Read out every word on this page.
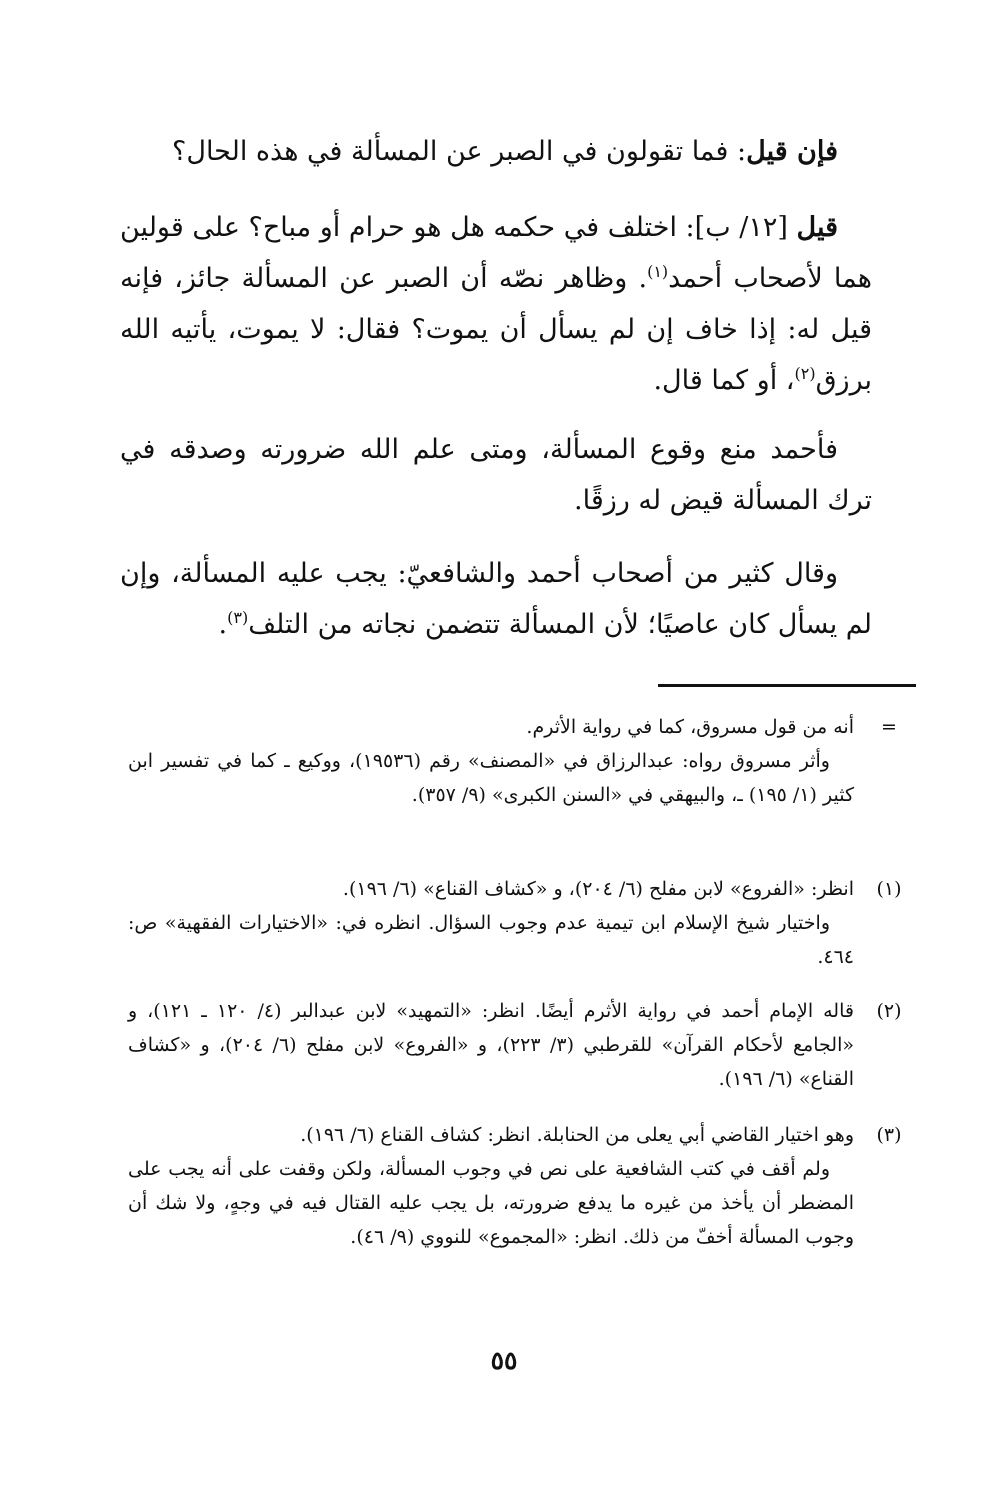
فإن قيل: فما تقولون في الصبر عن المسألة في هذه الحال؟

قيل [١٢/ ب]: اختلف في حكمه هل هو حرام أو مباح؟ على قولين هما لأصحاب أحمد$^{(١)}$. وظاهر نصّه أن الصبر عن المسألة جائز، فإنه قيل له: إذا خاف إن لم يسأل أن يموت؟ فقال: لا يموت، يأتيه الله برزق$^{(٢)}$، أو كما قال.

فأحمد منع وقوع المسألة، ومتى علم الله ضرورته وصدقه في ترك المسألة قيض له رزقًا.

وقال كثير من أصحاب أحمد والشافعيّ: يجب عليه المسألة، وإن لم يسأل كان عاصيًا؛ لأن المسألة تتضمن نجاته من التلف$^{(٣)}$.

=
أنه من قول مسروق، كما في رواية الأثرم.
وأثر مسروق رواه: عبدالرزاق في «المصنف» رقم (١٩٥٣٦)، ووكيع ـ كما في تفسير ابن كثير (١/ ١٩٥) ـ، والبيهقي في «السنن الكبرى» (٩/ ٣٥٧).
(١)
انظر: «الفروع» لابن مفلح (٦/ ٢٠٤)، و «كشاف القناع» (٦/ ١٩٦).
واختيار شيخ الإسلام ابن تيمية عدم وجوب السؤال. انظره في: «الاختيارات الفقهية» ص: ٤٦٤.
(٢)
قاله الإمام أحمد في رواية الأثرم أيضًا. انظر: «التمهيد» لابن عبدالبر (٤/ ١٢٠ ـ ١٢١)، و «الجامع لأحكام القرآن» للقرطبي (٣/ ٢٢٣)، و «الفروع» لابن مفلح (٦/ ٢٠٤)، و «كشاف القناع» (٦/ ١٩٦).
(٣)
وهو اختيار القاضي أبي يعلى من الحنابلة. انظر: كشاف القناع (٦/ ١٩٦).
ولم أقف في كتب الشافعية على نص في وجوب المسألة، ولكن وقفت على أنه يجب على المضطر أن يأخذ من غيره ما يدفع ضرورته، بل يجب عليه القتال فيه في وجهٍ، ولا شك أن وجوب المسألة أخفّ من ذلك. انظر: «المجموع» للنووي (٩/ ٤٦).
٥٥
